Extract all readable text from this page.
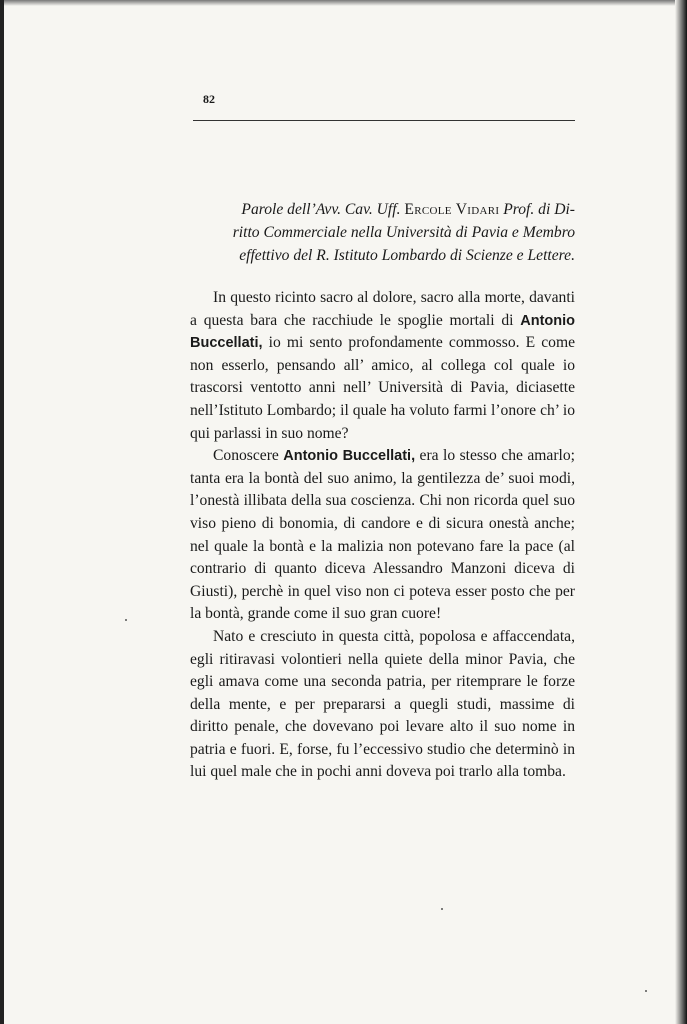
82
Parole dell’Avv. Cav. Uff. Ercole Vidari Prof. di Di-
ritto Commerciale nella Università di Pavia e Membro
effettivo del R. Istituto Lombardo di Scienze e Lettere.

In questo ricinto sacro al dolore, sacro alla morte, davanti a questa bara che racchiude le spoglie mortali di Antonio Buccellati, io mi sento profondamente commosso. E come non esserlo, pensando all’ amico, al collega col quale io trascorsi ventotto anni nell’ Università di Pavia, diciasette nell’Istituto Lombardo; il quale ha voluto farmi l’onore ch’ io qui parlassi in suo nome?

Conoscere Antonio Buccellati, era lo stesso che amarlo; tanta era la bontà del suo animo, la gentilezza de’ suoi modi, l’onestà illibata della sua coscienza. Chi non ricorda quel suo viso pieno di bonomia, di candore e di sicura onestà anche; nel quale la bontà e la malizia non potevano fare la pace (al contrario di quanto diceva Alessandro Manzoni diceva di Giusti), perchè in quel viso non ci poteva esser posto che per la bontà, grande come il suo gran cuore!

Nato e cresciuto in questa città, popolosa e affaccendata, egli ritiravasi volontieri nella quiete della minor Pavia, che egli amava come una seconda patria, per ritemprare le forze della mente, e per prepararsi a quegli studi, massime di diritto penale, che dovevano poi levare alto il suo nome in patria e fuori. E, forse, fu l’eccessivo studio che determinò in lui quel male che in pochi anni doveva poi trarlo alla tomba.
